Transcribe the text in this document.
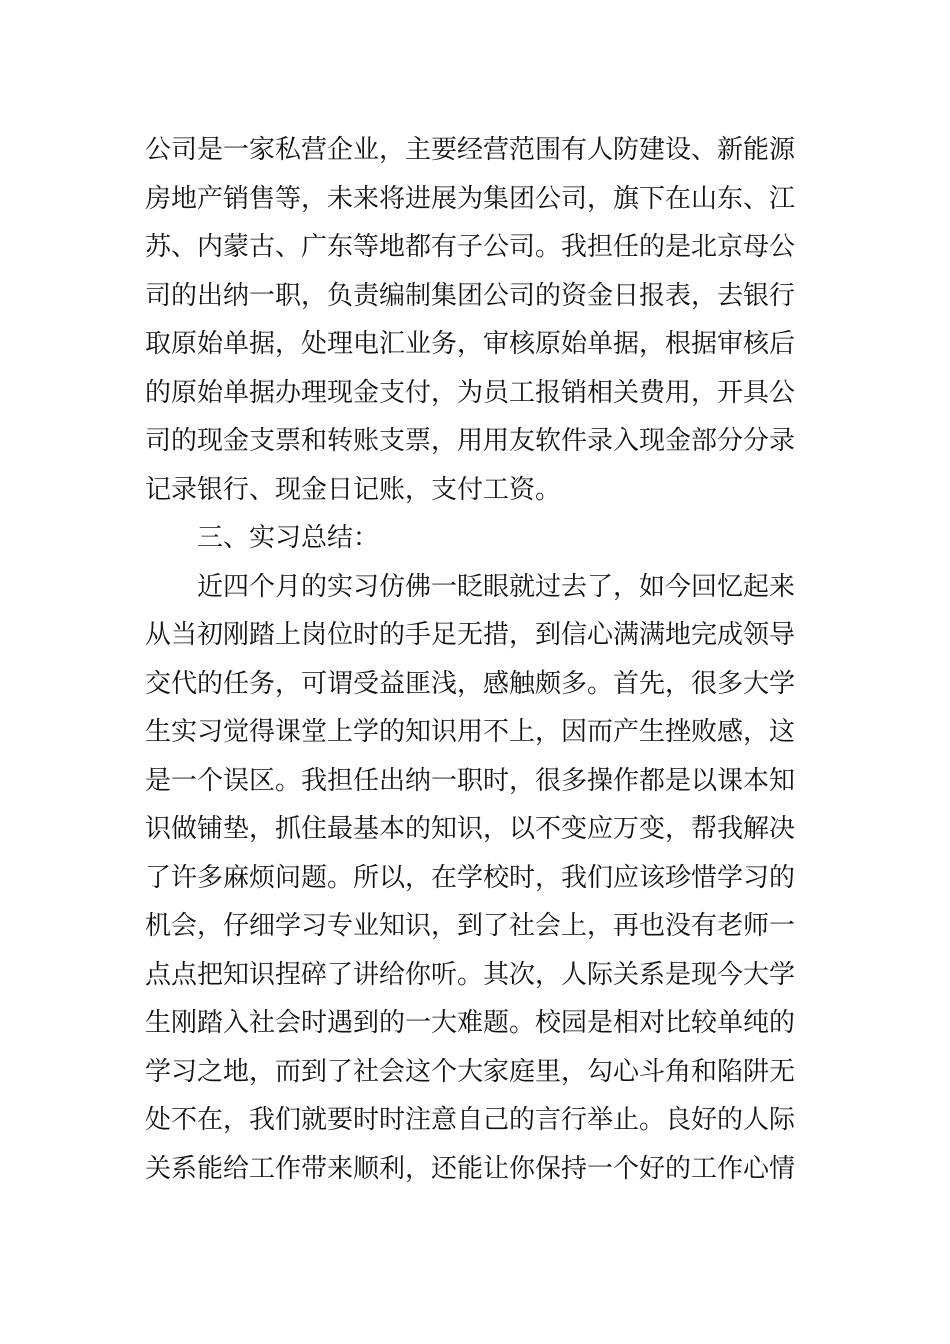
公司是一家私营企业，主要经营范围有人防建设、新能源
房地产销售等，未来将进展为集团公司，旗下在山东、江
苏、内蒙古、广东等地都有子公司。我担任的是北京母公
司的出纳一职，负责编制集团公司的资金日报表，去银行
取原始单据，处理电汇业务，审核原始单据，根据审核后
的原始单据办理现金支付，为员工报销相关费用，开具公
司的现金支票和转账支票，用用友软件录入现金部分分录
记录银行、现金日记账，支付工资。
三、实习总结：
近四个月的实习仿佛一眨眼就过去了，如今回忆起来
从当初刚踏上岗位时的手足无措，到信心满满地完成领导
交代的任务，可谓受益匪浅，感触颇多。首先，很多大学
生实习觉得课堂上学的知识用不上，因而产生挫败感，这
是一个误区。我担任出纳一职时，很多操作都是以课本知
识做铺垫，抓住最基本的知识，以不变应万变，帮我解决
了许多麻烦问题。所以，在学校时，我们应该珍惜学习的
机会，仔细学习专业知识，到了社会上，再也没有老师一
点点把知识捏碎了讲给你听。其次，人际关系是现今大学
生刚踏入社会时遇到的一大难题。校园是相对比较单纯的
学习之地，而到了社会这个大家庭里，勾心斗角和陷阱无
处不在，我们就要时时注意自己的言行举止。良好的人际
关系能给工作带来顺利，还能让你保持一个好的工作心情
